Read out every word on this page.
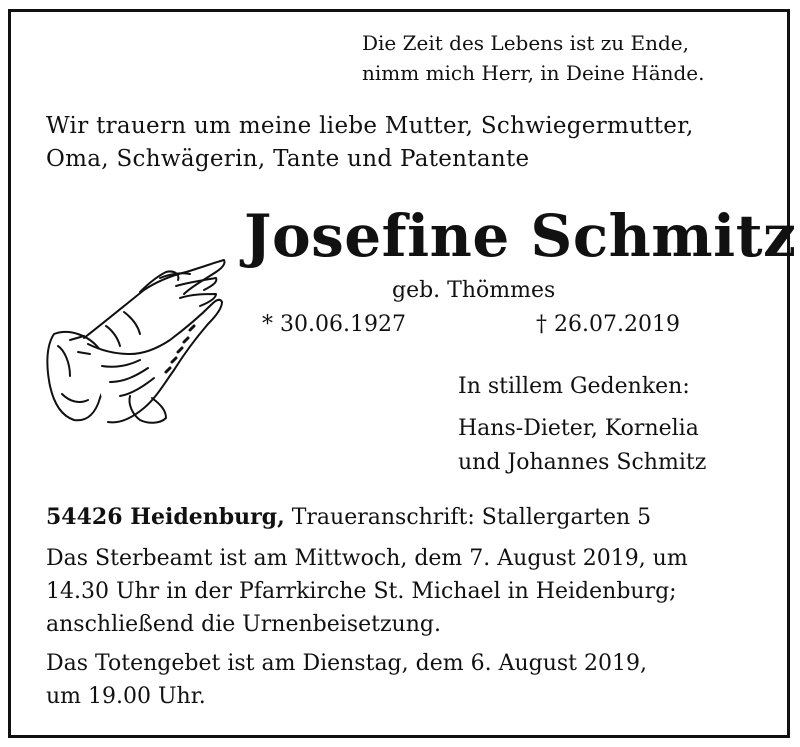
Die Zeit des Lebens ist zu Ende,
nimm mich Herr, in Deine Hände.
Wir trauern um meine liebe Mutter, Schwiegermutter,
Oma, Schwägerin, Tante und Patentante
Josefine Schmitz
geb. Thömmes
* 30.06.1927	† 26.07.2019
In stillem Gedenken:
Hans-Dieter, Kornelia
und Johannes Schmitz
54426 Heidenburg, Traueranschrift: Stallergarten 5
Das Sterbeamt ist am Mittwoch, dem 7. August 2019, um
14.30 Uhr in der Pfarrkirche St. Michael in Heidenburg;
anschließend die Urnenbeisetzung.
Das Totengebet ist am Dienstag, dem 6. August 2019,
um 19.00 Uhr.
